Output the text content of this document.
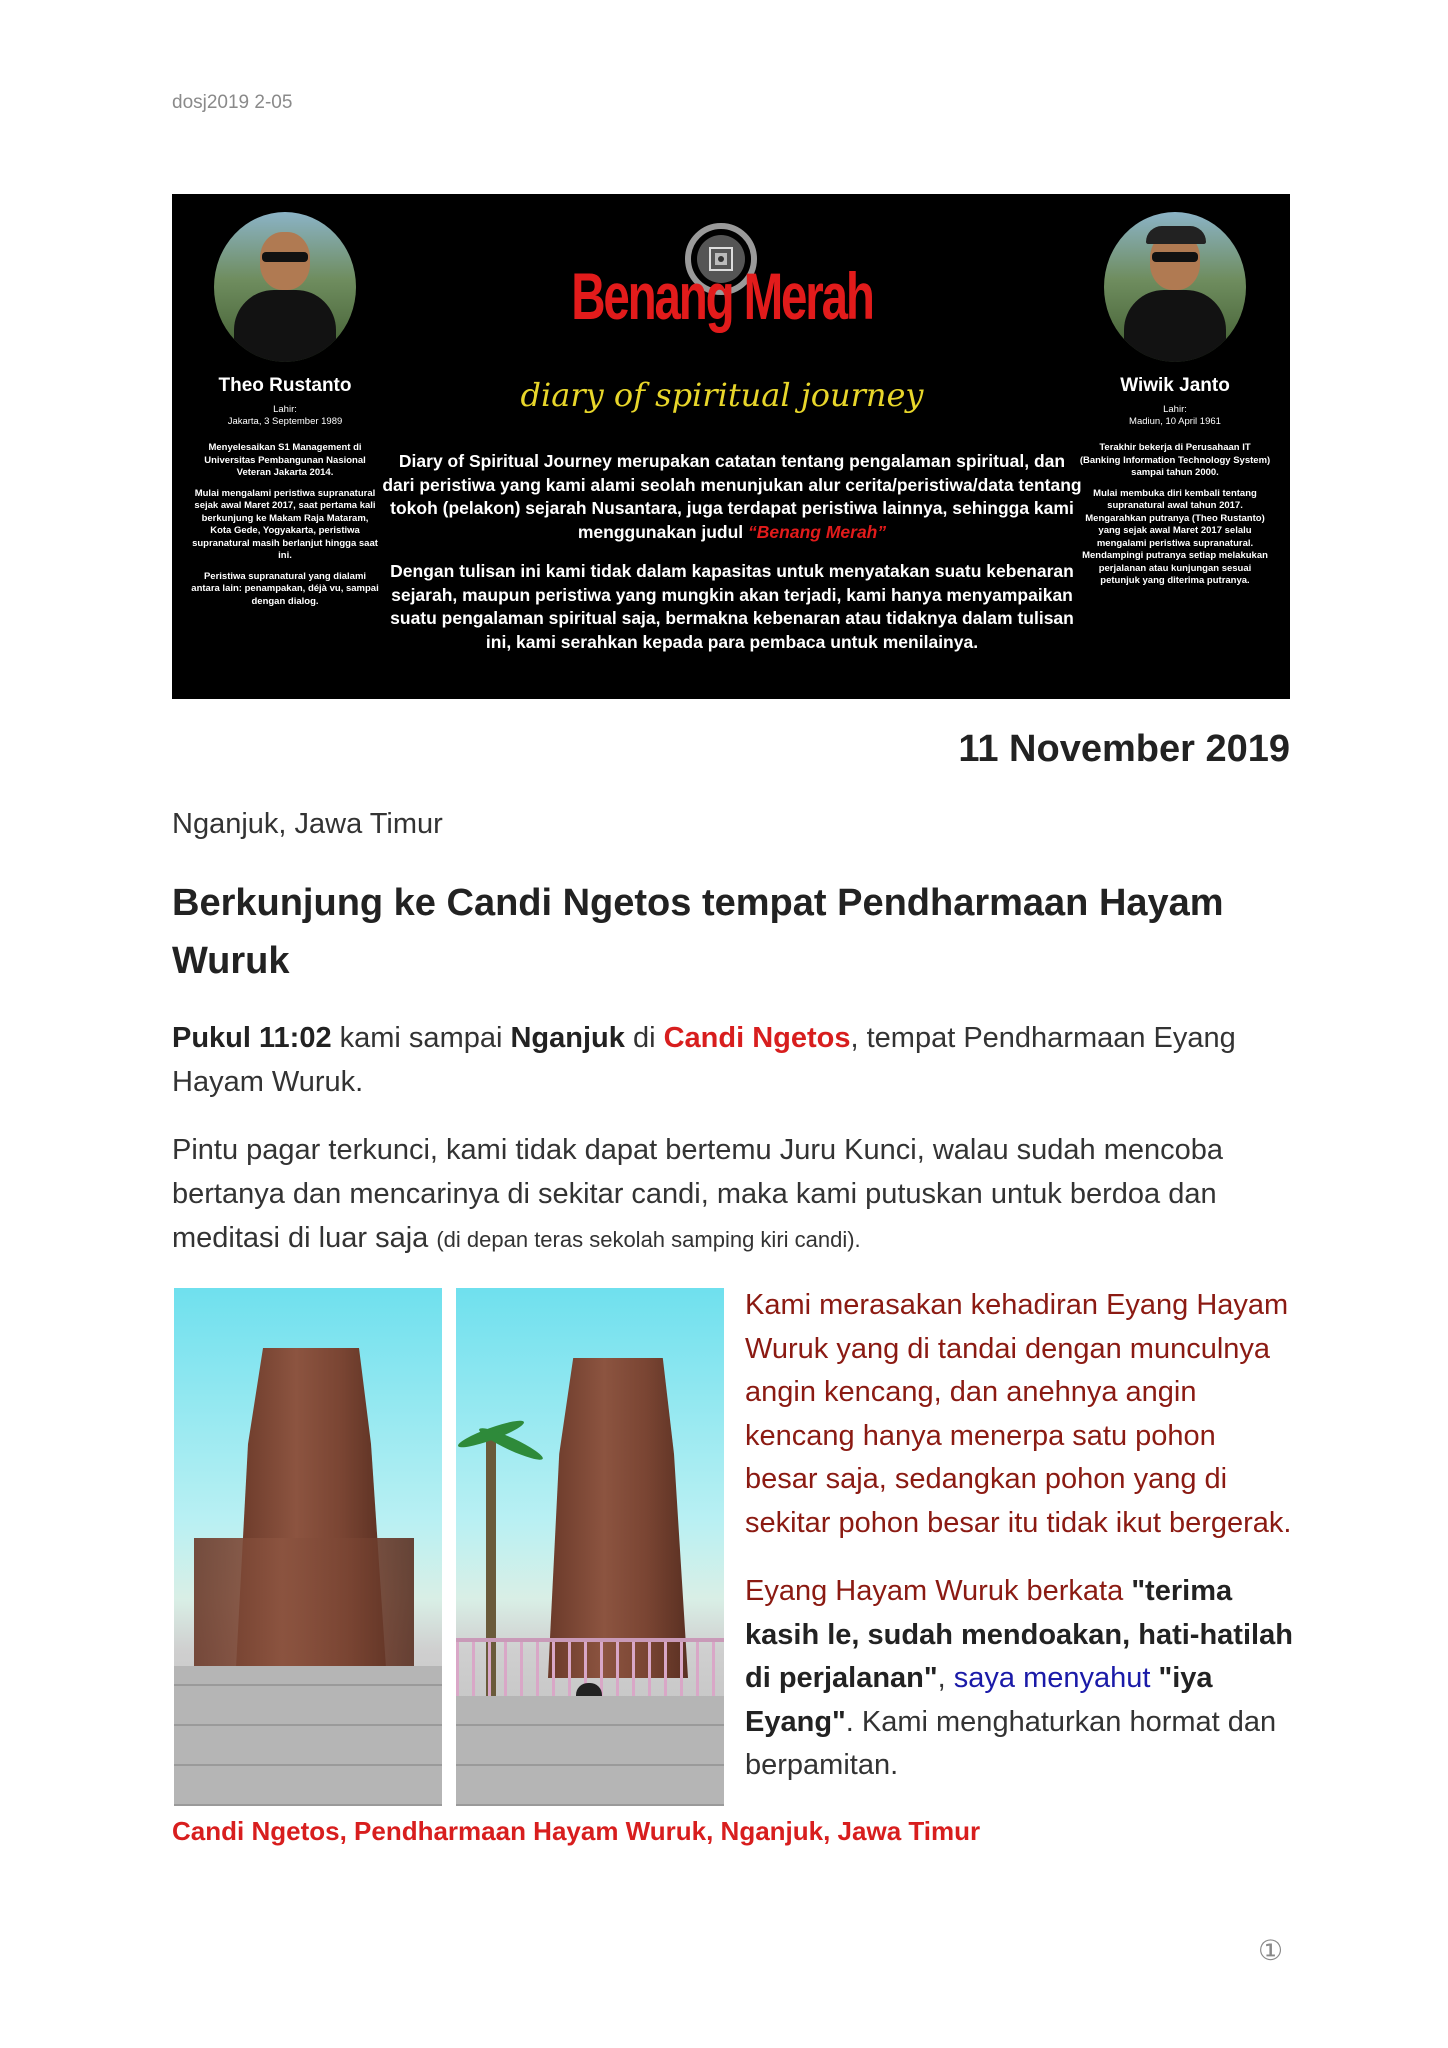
dosj2019 2-05
Theo Rustanto
Lahir:
Jakarta, 3 September 1989

Menyelesaikan S1 Management di Universitas Pembangunan Nasional Veteran Jakarta 2014.

Mulai mengalami peristiwa supranatural sejak awal Maret 2017, saat pertama kali berkunjung ke Makam Raja Mataram, Kota Gede, Yogyakarta, peristiwa supranatural masih berlanjut hingga saat ini.

Peristiwa supranatural yang dialami antara lain: penampakan, déjà vu, sampai dengan dialog.

Benang Merah
diary of spiritual journey

Diary of Spiritual Journey merupakan catatan tentang pengalaman spiritual, dan dari peristiwa yang kami alami seolah menunjukan alur cerita/peristiwa/data tentang tokoh (pelakon) sejarah Nusantara, juga terdapat peristiwa lainnya, sehingga kami menggunakan judul “Benang Merah”

Dengan tulisan ini kami tidak dalam kapasitas untuk menyatakan suatu kebenaran sejarah, maupun peristiwa yang mungkin akan terjadi, kami hanya menyampaikan suatu pengalaman spiritual saja, bermakna kebenaran atau tidaknya dalam tulisan ini, kami serahkan kepada para pembaca untuk menilainya.

Wiwik Janto
Lahir:
Madiun, 10 April 1961

Terakhir bekerja di Perusahaan IT (Banking Information Technology System) sampai tahun 2000.

Mulai membuka diri kembali tentang supranatural awal tahun 2017. Mengarahkan putranya (Theo Rustanto) yang sejak awal Maret 2017 selalu mengalami peristiwa supranatural. Mendampingi putranya setiap melakukan perjalanan atau kunjungan sesuai petunjuk yang diterima putranya.

11 November 2019
Nganjuk, Jawa Timur
Berkunjung ke Candi Ngetos tempat Pendharmaan Hayam Wuruk
Pukul 11:02 kami sampai Nganjuk di Candi Ngetos, tempat Pendharmaan Eyang Hayam Wuruk.
Pintu pagar terkunci, kami tidak dapat bertemu Juru Kunci, walau sudah mencoba bertanya dan mencarinya di sekitar candi, maka kami putuskan untuk berdoa dan meditasi di luar saja (di depan teras sekolah samping kiri candi).
Kami merasakan kehadiran Eyang Hayam Wuruk yang di tandai dengan munculnya angin kencang, dan anehnya angin kencang hanya menerpa satu pohon besar saja, sedangkan pohon yang di sekitar pohon besar itu tidak ikut bergerak.
Eyang Hayam Wuruk berkata "terima kasih le, sudah mendoakan, hati-hatilah di perjalanan", saya menyahut "iya Eyang". Kami menghaturkan hormat dan berpamitan.
Candi Ngetos, Pendharmaan Hayam Wuruk, Nganjuk, Jawa Timur
①
